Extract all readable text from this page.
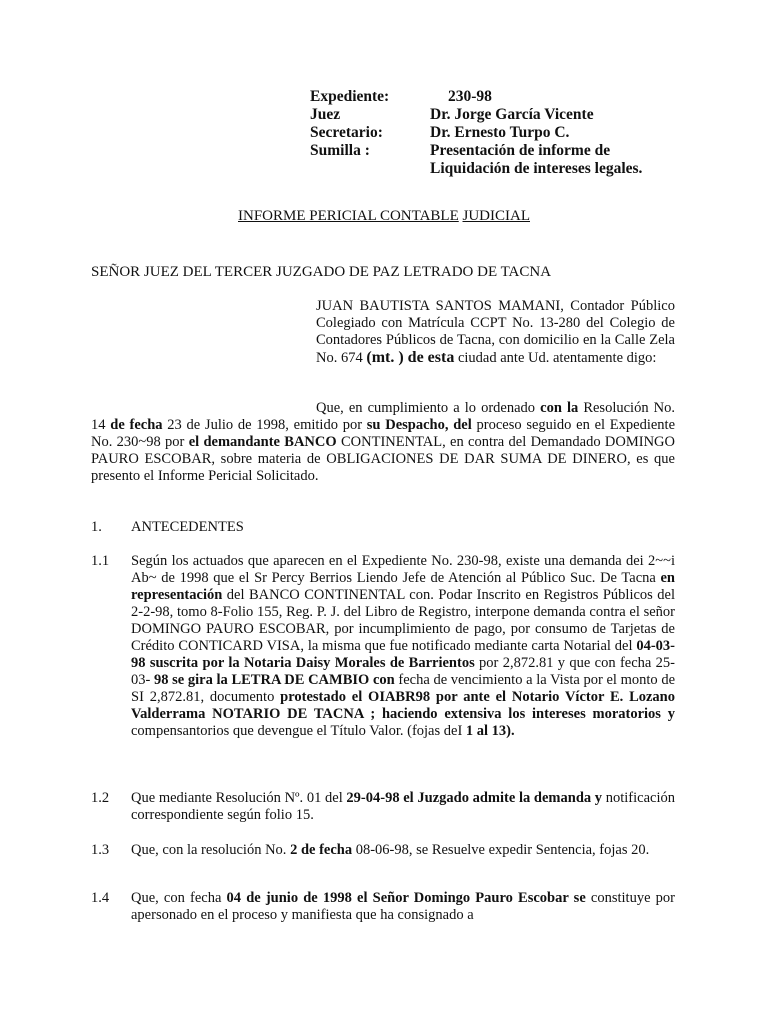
Expediente:	230-98
Juez	Dr. Jorge García Vicente
Secretario:	Dr. Ernesto Turpo C.
Sumilla :	Presentación de informe de
Liquidación de intereses legales.
INFORME PERICIAL CONTABLE JUDICIAL
SEÑOR JUEZ DEL TERCER JUZGADO DE PAZ LETRADO DE TACNA
JUAN BAUTISTA SANTOS MAMANI, Contador Público Colegiado con Matrícula CCPT No. 13-280 del Colegio de Contadores Públicos de Tacna, con domicilio en la Calle Zela No. 674 (mt. ) de esta ciudad ante Ud. atentamente digo:
Que, en cumplimiento a lo ordenado con la Resolución No. 14 de fecha 23 de Julio de 1998, emitido por su Despacho, del proceso seguido en el Expediente No. 230~98 por el demandante BANCO CONTINENTAL, en contra del Demandado DOMINGO PAURO ESCOBAR, sobre materia de OBLIGACIONES DE DAR SUMA DE DINERO, es que presento el Informe Pericial Solicitado.
1.	ANTECEDENTES
1.1	Según los actuados que aparecen en el Expediente No. 230-98, existe una demanda dei 2~~i Ab~ de 1998 que el Sr Percy Berrios Liendo Jefe de Atención al Público Suc. De Tacna en representación del BANCO CONTINENTAL con. Podar Inscrito en Registros Públicos del 2-2-98, tomo 8-Folio 155, Reg. P. J. del Libro de Registro, interpone demanda contra el señor DOMINGO PAURO ESCOBAR, por incumplimiento de pago, por consumo de Tarjetas de Crédito CONTICARD VISA, la misma que fue notificado mediante carta Notarial del 04-03-98 suscrita por la Notaria Daisy Morales de Barrientos por 2,872.81 y que con fecha 25-03- 98 se gira la LETRA DE CAMBIO con fecha de vencimiento a la Vista por el monto de SI 2,872.81, documento protestado el OIABR98 por ante el Notario Víctor E. Lozano Valderrama NOTARIO DE TACNA ; haciendo extensiva los intereses moratorios y compensantorios que devengue el Título Valor. (fojas deI 1 al 13).
1.2	Que mediante Resolución Nº. 01 del 29-04-98 el Juzgado admite la demanda y notificación correspondiente según folio 15.
1.3	Que, con la resolución No. 2 de fecha 08-06-98, se Resuelve expedir Sentencia, fojas 20.
1.4	Que, con fecha 04 de junio de 1998 el Señor Domingo Pauro Escobar se constituye por apersonado en el proceso y manifiesta que ha consignado a
